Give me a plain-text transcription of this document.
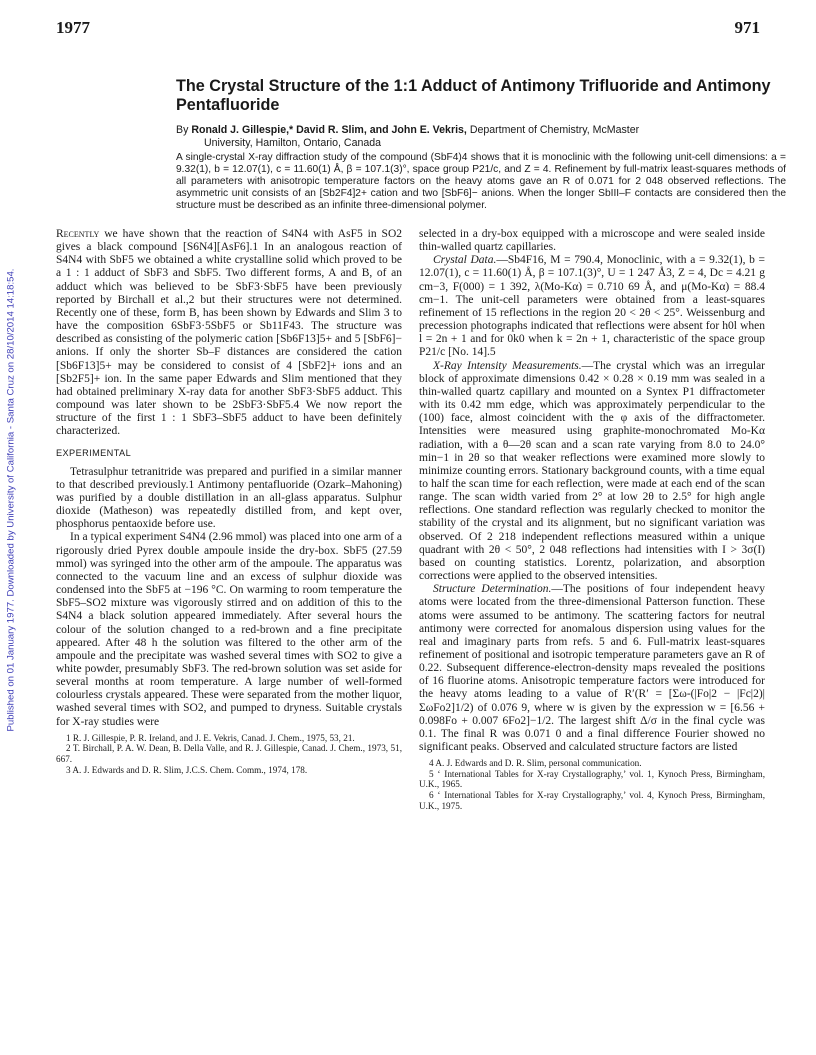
1977	971
Published on 01 January 1977. Downloaded by University of California - Santa Cruz on 28/10/2014 14:18:54.
The Crystal Structure of the 1:1 Adduct of Antimony Trifluoride and Antimony Pentafluoride
By Ronald J. Gillespie,* David R. Slim, and John E. Vekris, Department of Chemistry, McMaster
University, Hamilton, Ontario, Canada

A single-crystal X-ray diffraction study of the compound (SbF4)4 shows that it is monoclinic with the following unit-cell dimensions: a = 9.32(1), b = 12.07(1), c = 11.60(1) Å, β = 107.1(3)°, space group P21/c, and Z = 4. Refinement by full-matrix least-squares methods of all parameters with anisotropic temperature factors on the heavy atoms gave an R of 0.071 for 2 048 observed reflections. The asymmetric unit consists of an [Sb2F4]2+ cation and two [SbF6]− anions. When the longer SbIII–F contacts are considered then the structure must be described as an infinite three-dimensional polymer.

Recently we have shown that the reaction of S4N4 with AsF5 in SO2 gives a black compound [S6N4][AsF6].1 In an analogous reaction of S4N4 with SbF5 we obtained a white crystalline solid which proved to be a 1 : 1 adduct of SbF3 and SbF5. Two different forms, A and B, of an adduct which was believed to be SbF3·SbF5 have been previously reported by Birchall et al.,2 but their structures were not determined. Recently one of these, form B, has been shown by Edwards and Slim 3 to have the composition 6SbF3·5SbF5 or Sb11F43. The structure was described as consisting of the polymeric cation [Sb6F13]5+ and 5 [SbF6]− anions. If only the shorter Sb–F distances are considered the cation [Sb6F13]5+ may be considered to consist of 4 [SbF2]+ ions and an [Sb2F5]+ ion. In the same paper Edwards and Slim mentioned that they had obtained preliminary X-ray data for another SbF3·SbF5 adduct. This compound was later shown to be 2SbF3·SbF5.4 We now report the structure of the first 1 : 1 SbF3–SbF5 adduct to have been definitely characterized.

EXPERIMENTAL

Tetrasulphur tetranitride was prepared and purified in a similar manner to that described previously.1 Antimony pentafluoride (Ozark–Mahoning) was purified by a double distillation in an all-glass apparatus. Sulphur dioxide (Matheson) was repeatedly distilled from, and kept over, phosphorus pentaoxide before use.

In a typical experiment S4N4 (2.96 mmol) was placed into one arm of a rigorously dried Pyrex double ampoule inside the dry-box. SbF5 (27.59 mmol) was syringed into the other arm of the ampoule. The apparatus was connected to the vacuum line and an excess of sulphur dioxide was condensed into the SbF5 at −196 °C. On warming to room temperature the SbF5–SO2 mixture was vigorously stirred and on addition of this to the S4N4 a black solution appeared immediately. After several hours the colour of the solution changed to a red-brown and a fine precipitate appeared. After 48 h the solution was filtered to the other arm of the ampoule and the precipitate was washed several times with SO2 to give a white powder, presumably SbF3. The red-brown solution was set aside for several months at room temperature. A large number of well-formed colourless crystals appeared. These were separated from the mother liquor, washed several times with SO2, and pumped to dryness. Suitable crystals for X-ray studies were

1 R. J. Gillespie, P. R. Ireland, and J. E. Vekris, Canad. J. Chem., 1975, 53, 21.

2 T. Birchall, P. A. W. Dean, B. Della Valle, and R. J. Gillespie, Canad. J. Chem., 1973, 51, 667.

3 A. J. Edwards and D. R. Slim, J.C.S. Chem. Comm., 1974, 178.

selected in a dry-box equipped with a microscope and were sealed inside thin-walled quartz capillaries.

Crystal Data.—Sb4F16, M = 790.4, Monoclinic, with a = 9.32(1), b = 12.07(1), c = 11.60(1) Å, β = 107.1(3)°, U = 1 247 Å3, Z = 4, Dc = 4.21 g cm−3, F(000) = 1 392, λ(Mo-Kα) = 0.710 69 Å, and μ(Mo-Kα) = 88.4 cm−1. The unit-cell parameters were obtained from a least-squares refinement of 15 reflections in the region 20 < 2θ < 25°. Weissenburg and precession photographs indicated that reflections were absent for h0l when l = 2n + 1 and for 0k0 when k = 2n + 1, characteristic of the space group P21/c [No. 14].5

X-Ray Intensity Measurements.—The crystal which was an irregular block of approximate dimensions 0.42 × 0.28 × 0.19 mm was sealed in a thin-walled quartz capillary and mounted on a Syntex P1 diffractometer with its 0.42 mm edge, which was approximately perpendicular to the (100) face, almost coincident with the φ axis of the diffractometer. Intensities were measured using graphite-monochromated Mo-Kα radiation, with a θ—2θ scan and a scan rate varying from 8.0 to 24.0° min−1 in 2θ so that weaker reflections were examined more slowly to minimize counting errors. Stationary background counts, with a time equal to half the scan time for each reflection, were made at each end of the scan range. The scan width varied from 2° at low 2θ to 2.5° for high angle reflections. One standard reflection was regularly checked to monitor the stability of the crystal and its alignment, but no significant variation was observed. Of 2 218 independent reflections measured within a unique quadrant with 2θ < 50°, 2 048 reflections had intensities with I > 3σ(I) based on counting statistics. Lorentz, polarization, and absorption corrections were applied to the observed intensities.

Structure Determination.—The positions of four independent heavy atoms were located from the three-dimensional Patterson function. These atoms were assumed to be antimony. The scattering factors for neutral antimony were corrected for anomalous dispersion using values for the real and imaginary parts from refs. 5 and 6. Full-matrix least-squares refinement of positional and isotropic temperature parameters gave an R of 0.22. Subsequent difference-electron-density maps revealed the positions of 16 fluorine atoms. Anisotropic temperature factors were introduced for the heavy atoms leading to a value of R′(R′ = [Σω-(|Fo|2 − |Fc|2)|ΣωFo2]1/2) of 0.076 9, where w is given by the expression w = [6.56 + 0.098Fo + 0.007 6Fo2]−1/2. The largest shift Δ/σ in the final cycle was 0.1. The final R was 0.071 0 and a final difference Fourier showed no significant peaks. Observed and calculated structure factors are listed

4 A. J. Edwards and D. R. Slim, personal communication.

5 ‘ International Tables for X-ray Crystallography,’ vol. 1, Kynoch Press, Birmingham, U.K., 1965.

6 ‘ International Tables for X-ray Crystallography,’ vol. 4, Kynoch Press, Birmingham, U.K., 1975.
